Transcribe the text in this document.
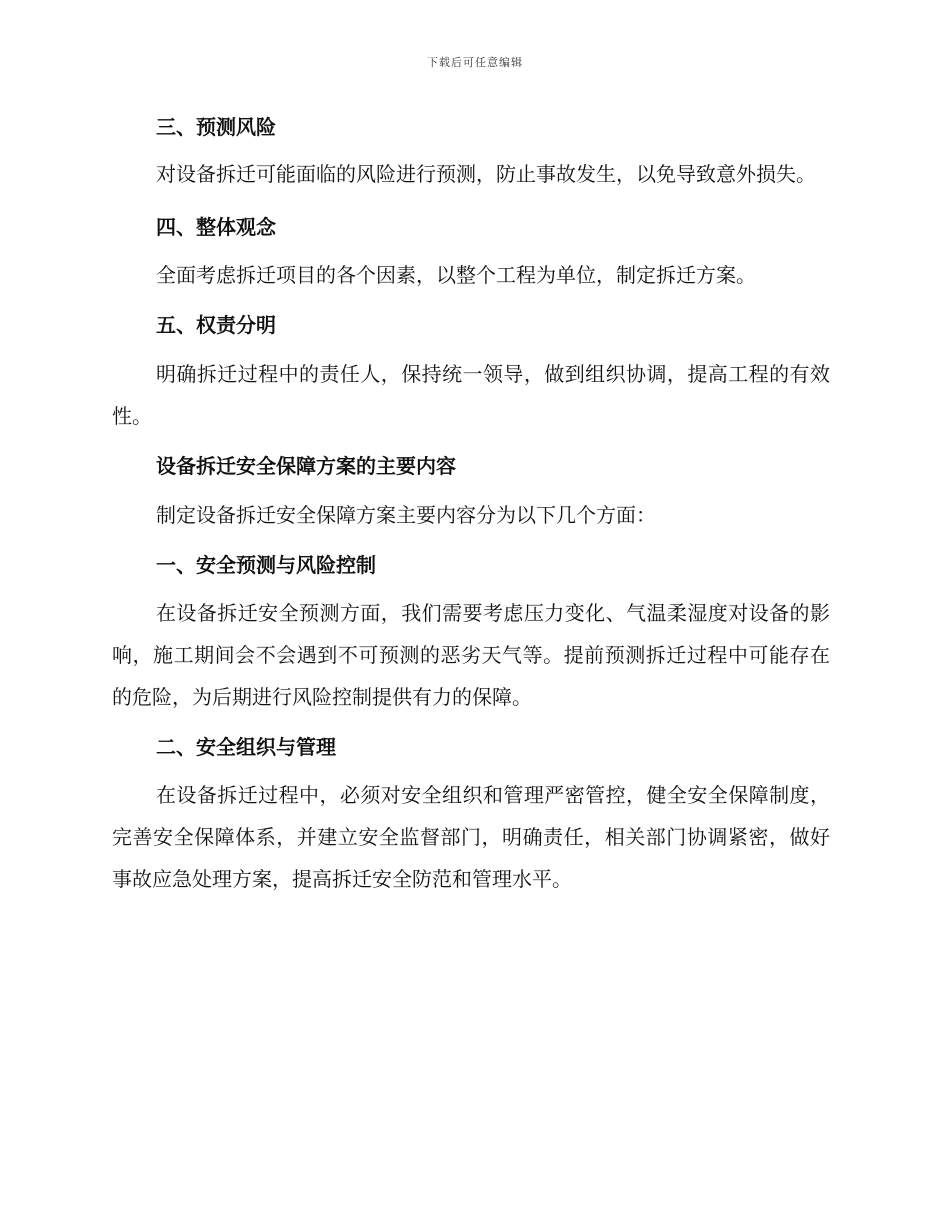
下载后可任意编辑
三、预测风险

对设备拆迁可能面临的风险进行预测，防止事故发生，以免导致意外损失。

四、整体观念

全面考虑拆迁项目的各个因素，以整个工程为单位，制定拆迁方案。

五、权责分明

明确拆迁过程中的责任人，保持统一领导，做到组织协调，提高工程的有效性。

设备拆迁安全保障方案的主要内容

制定设备拆迁安全保障方案主要内容分为以下几个方面：

一、安全预测与风险控制

在设备拆迁安全预测方面，我们需要考虑压力变化、气温柔湿度对设备的影响，施工期间会不会遇到不可预测的恶劣天气等。提前预测拆迁过程中可能存在的危险，为后期进行风险控制提供有力的保障。

二、安全组织与管理

在设备拆迁过程中，必须对安全组织和管理严密管控，健全安全保障制度，完善安全保障体系，并建立安全监督部门，明确责任，相关部门协调紧密，做好事故应急处理方案，提高拆迁安全防范和管理水平。
